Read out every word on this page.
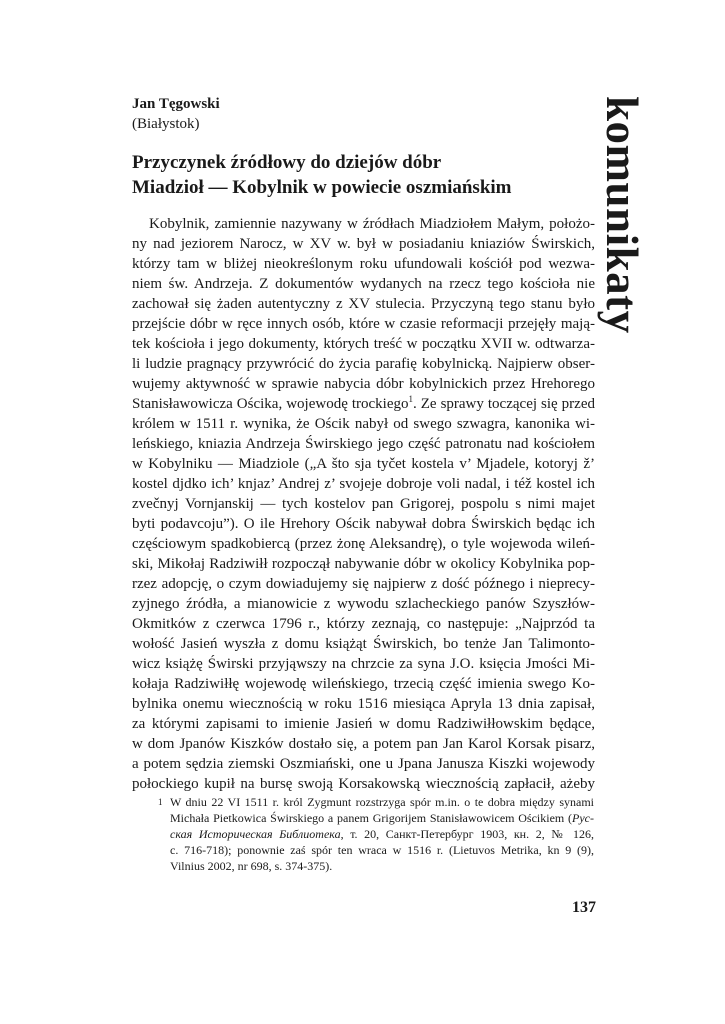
Jan Tęgowski
(Białystok)
Przyczynek źródłowy do dziejów dóbr
Miadzioł — Kobylnik w powiecie oszmiańskim komunikaty
Kobylnik, zamiennie nazywany w źródłach Miadziołem Małym, położo-
ny nad jeziorem Narocz, w XV w. był w posiadaniu kniaziów Świrskich,
którzy tam w bliżej nieokreślonym roku ufundowali kościół pod wezwa-
niem św. Andrzeja. Z dokumentów wydanych na rzecz tego kościoła nie
zachował się żaden autentyczny z XV stulecia. Przyczyną tego stanu było
przejście dóbr w ręce innych osób, które w czasie reformacji przejęły mają-
tek kościoła i jego dokumenty, których treść w początku XVII w. odtwarza-
li ludzie pragnący przywrócić do życia parafię kobylnicką. Najpierw obser-
wujemy aktywność w sprawie nabycia dóbr kobylnickich przez Hrehorego
Stanisławowicza Ościka, wojewodę trockiego$^1$. Ze sprawy toczącej się przed
królem w 1511 r. wynika, że Ościk nabył od swego szwagra, kanonika wi-
leńskiego, kniazia Andrzeja Świrskiego jego część patronatu nad kościołem
w Kobylniku — Miadziole („A što sja tyčet kostela v’ Mjadele, kotoryj ž’
kostel djdko ich’ knjaz’ Andrej z’ svojeje dobroje voli nadal, i též kostel ich
zvečnyj Vornjanskij — tych kostelov pan Grigorej, pospolu s nimi majet
byti podavcoju”). O ile Hrehory Ościk nabywał dobra Świrskich będąc ich
częściowym spadkobiercą (przez żonę Aleksandrę), o tyle wojewoda wileń-
ski, Mikołaj Radziwiłł rozpoczął nabywanie dóbr w okolicy Kobylnika pop-
rzez adopcję, o czym dowiadujemy się najpierw z dość późnego i nieprecy-
zyjnego źródła, a mianowicie z wywodu szlacheckiego panów Szyszłów-
Okmitków z czerwca 1796 r., którzy zeznają, co następuje: „Najprzód ta
wołość Jasień wyszła z domu książąt Świrskich, bo tenże Jan Talimonto-
wicz książę Świrski przyjąwszy na chrzcie za syna J.O. księcia Jmości Mi-
kołaja Radziwiłłę wojewodę wileńskiego, trzecią część imienia swego Ko-
bylnika onemu wiecznością w roku 1516 miesiąca Apryla 13 dnia zapisał,
za którymi zapisami to imienie Jasień w domu Radziwiłłowskim będące,
w dom Jpanów Kiszków dostało się, a potem pan Jan Karol Korsak pisarz,
a potem sędzia ziemski Oszmiański, one u Jpana Janusza Kiszki wojewody
połockiego kupił na bursę swoją Korsakowską wiecznością zapłacił, ażeby
1 W dniu 22 VI 1511 r. król Zygmunt rozstrzyga spór m.in. o te dobra między synami
Michała Pietkowica Świrskiego a panem Grigorijem Stanisławowicem Ościkiem (Рус-
ская Историческая Библиотека, т. 20, Санкт-Петербург 1903, кн. 2, № 126,
c. 716-718); ponownie zaś spór ten wraca w 1516 r. (Lietuvos Metrika, kn 9 (9),
Vilnius 2002, nr 698, s. 374-375).
137
